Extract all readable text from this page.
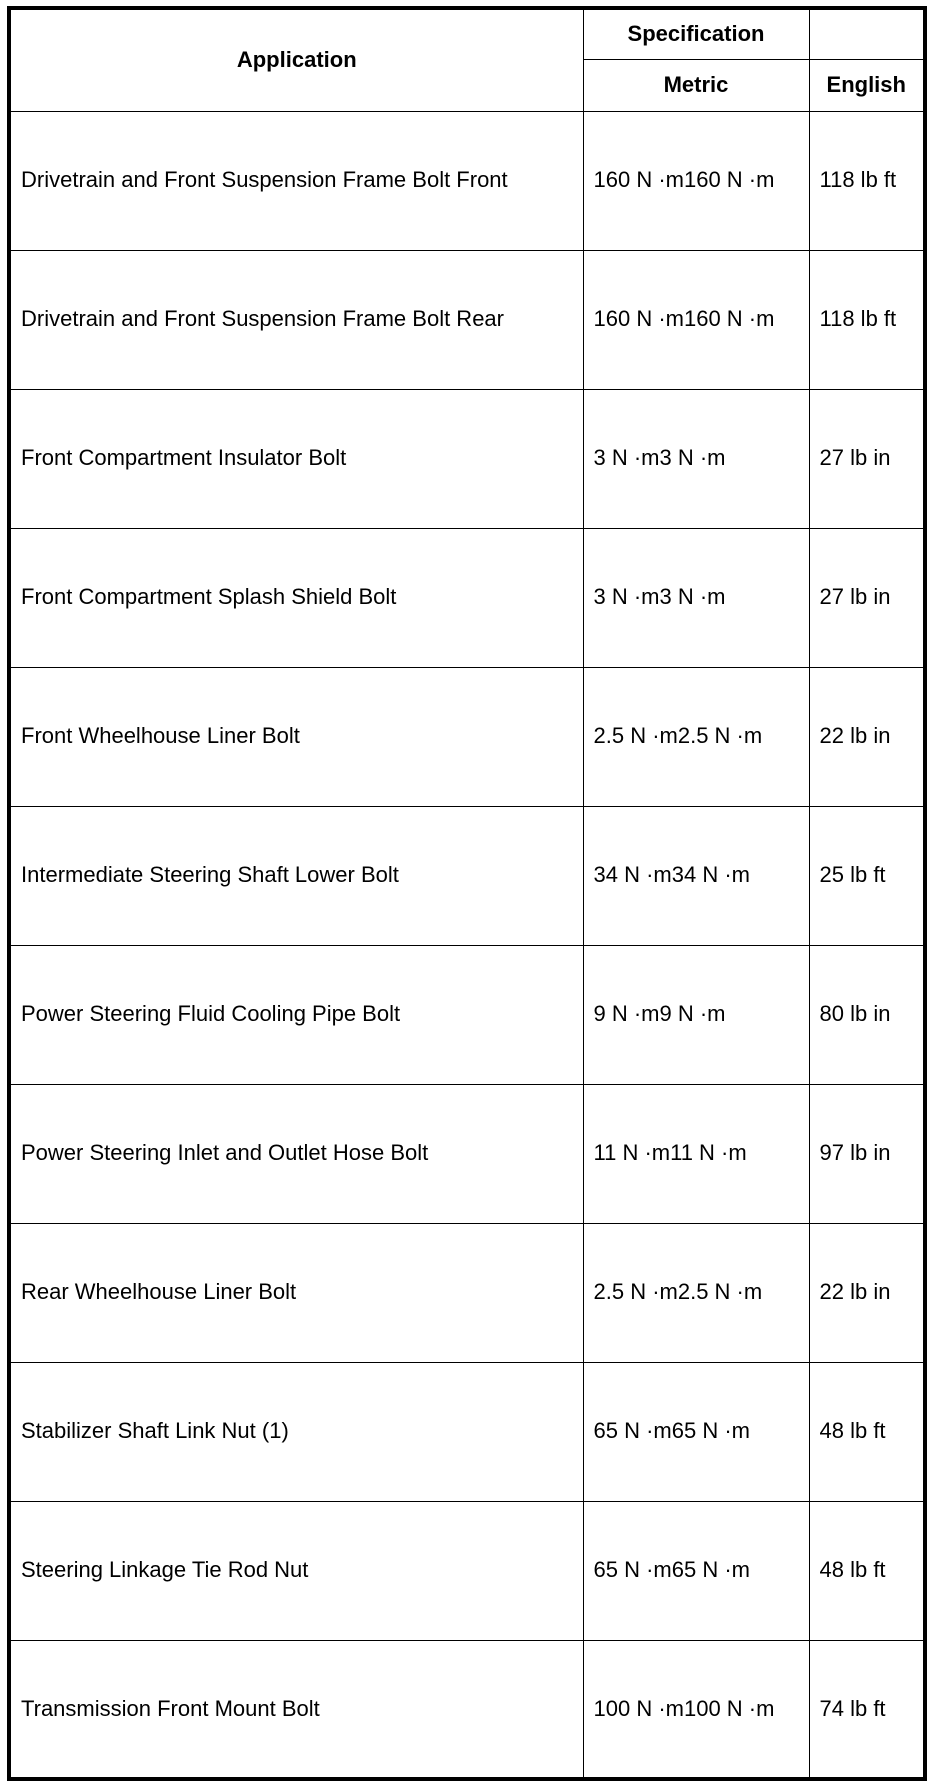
Application	Specification	
	Metric	English
Drivetrain and Front Suspension Frame Bolt Front	160 N ·m160 N ·m	118 lb ft
Drivetrain and Front Suspension Frame Bolt Rear	160 N ·m160 N ·m	118 lb ft
Front Compartment Insulator Bolt	3 N ·m3 N ·m	27 lb in
Front Compartment Splash Shield Bolt	3 N ·m3 N ·m	27 lb in
Front Wheelhouse Liner Bolt	2.5 N ·m2.5 N ·m	22 lb in
Intermediate Steering Shaft Lower Bolt	34 N ·m34 N ·m	25 lb ft
Power Steering Fluid Cooling Pipe Bolt	9 N ·m9 N ·m	80 lb in
Power Steering Inlet and Outlet Hose Bolt	11 N ·m11 N ·m	97 lb in
Rear Wheelhouse Liner Bolt	2.5 N ·m2.5 N ·m	22 lb in
Stabilizer Shaft Link Nut (1)	65 N ·m65 N ·m	48 lb ft
Steering Linkage Tie Rod Nut	65 N ·m65 N ·m	48 lb ft
Transmission Front Mount Bolt	100 N ·m100 N ·m	74 lb ft
